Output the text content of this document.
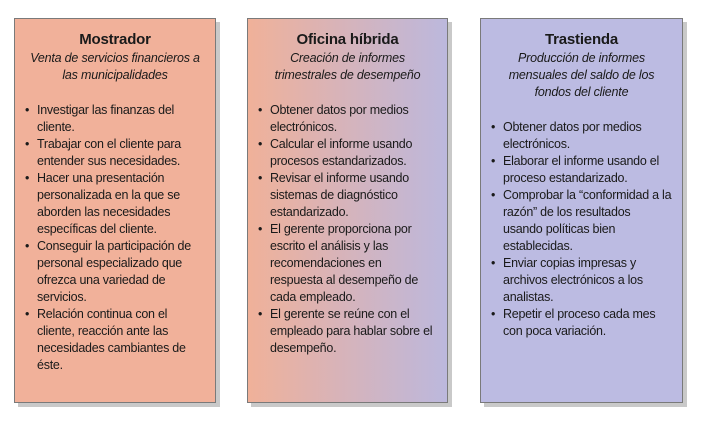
Mostrador
Venta de servicios financieros a las municipalidades
• Investigar las finanzas del cliente.
• Trabajar con el cliente para entender sus necesidades.
• Hacer una presentación personalizada en la que se aborden las necesidades específicas del cliente.
• Conseguir la participación de personal especializado que ofrezca una variedad de servicios.
• Relación continua con el cliente, reacción ante las necesidades cambiantes de éste.
Oficina híbrida
Creación de informes trimestrales de desempeño
• Obtener datos por medios electrónicos.
• Calcular el informe usando procesos estandarizados.
• Revisar el informe usando sistemas de diagnóstico estandarizado.
• El gerente proporciona por escrito el análisis y las recomendaciones en respuesta al desempeño de cada empleado.
• El gerente se reúne con el empleado para hablar sobre el desempeño.
Trastienda
Producción de informes mensuales del saldo de los fondos del cliente
• Obtener datos por medios electrónicos.
• Elaborar el informe usando el proceso estandarizado.
• Comprobar la “conformidad a la razón” de los resultados usando políticas bien establecidas.
• Enviar copias impresas y archivos electrónicos a los analistas.
• Repetir el proceso cada mes con poca variación.
